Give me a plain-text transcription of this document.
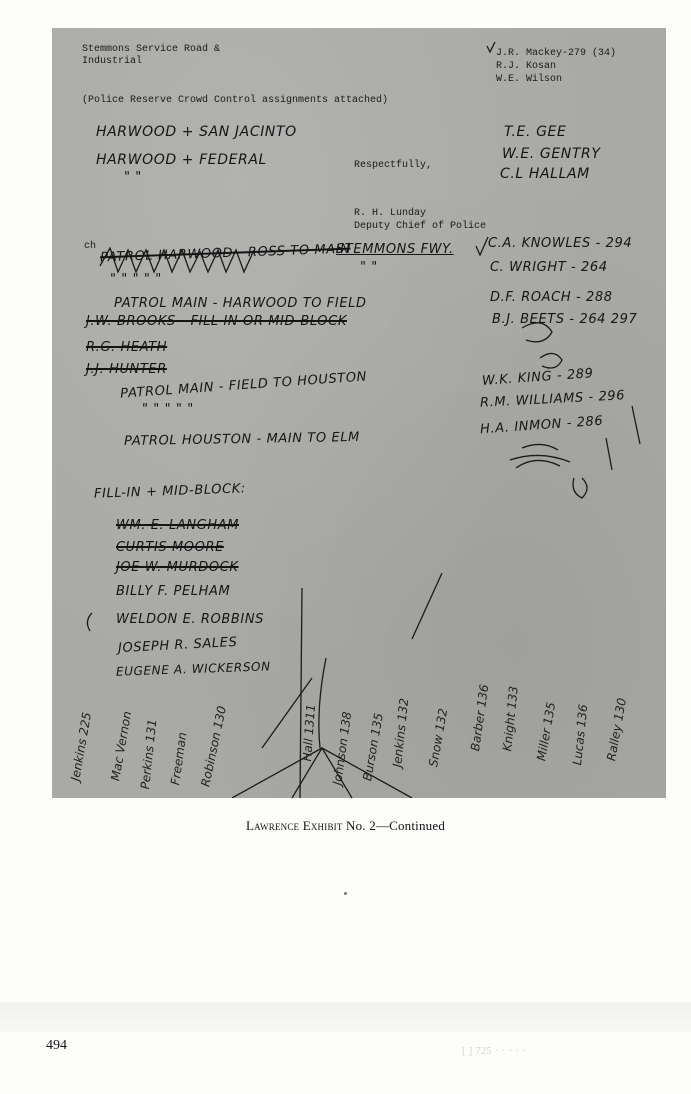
[ ] 725 · · · · ·
Stemmons Service Road &
Industrial
J.R. Mackey-279 (34)
R.J. Kosan
W.E. Wilson
(Police Reserve Crowd Control assignments attached)
Respectfully,
R. H. Lunday
Deputy Chief of Police
ch
HARWOOD + SAN JACINTO
HARWOOD + FEDERAL
" "
T.E. GEE
W.E. GENTRY
C.L HALLAM
PATROL HARWOOD - ROSS TO MAIN
STEMMONS FWY.
" "
" " " " "
C.A. KNOWLES - 294
C. WRIGHT - 264
D.F. ROACH - 288
B.J. BEETS - 264 297
PATROL MAIN - HARWOOD TO FIELD
J.W. BROOKS - FILL IN OR MID-BLOCK
R.G. HEATH
J.J. HUNTER
PATROL MAIN - FIELD TO HOUSTON
" " " " "
PATROL HOUSTON - MAIN TO ELM
W.K. KING - 289
R.M. WILLIAMS - 296
H.A. INMON - 286
FILL-IN + MID-BLOCK:
WM. E. LANGHAM
CURTIS MOORE
JOE W. MURDOCK
BILLY F. PELHAM
WELDON E. ROBBINS
JOSEPH R. SALES
EUGENE A. WICKERSON
Jenkins 225 Mac Vernon Perkins 131 Freeman Robinson 130	Hall 1311 Johnson 138 Burson 135 Jenkins 132 Snow 132 Barber 136 Knight 133 Miller 135 Lucas 136 Ralley 130
Lawrence Exhibit No. 2—Continued
494
